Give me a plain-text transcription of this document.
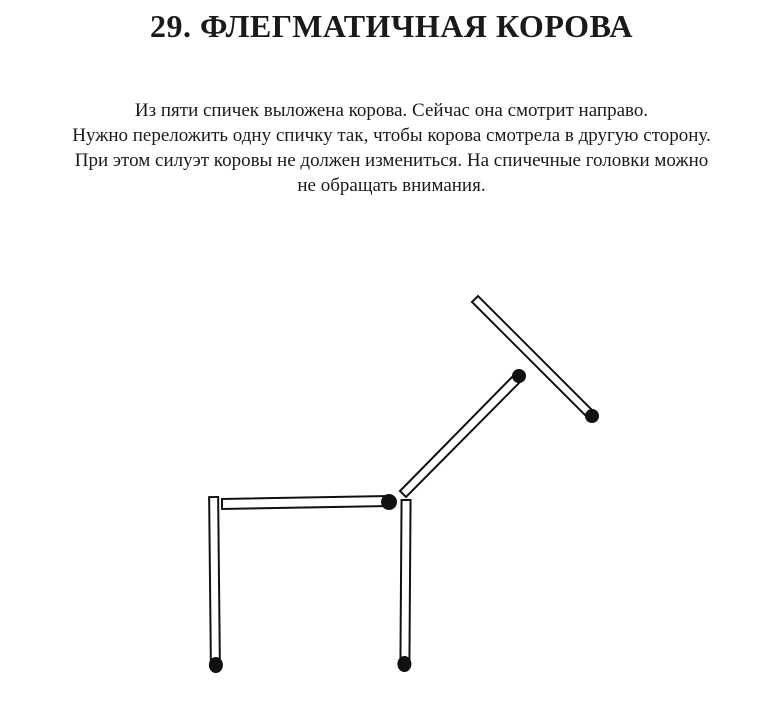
29. ФЛЕГМАТИЧНАЯ КОРОВА

Из пяти спичек выложена корова. Сейчас она смотрит направо.
Нужно переложить одну спичку так, чтобы корова смотрела в другую сторону.
При этом силуэт коровы не должен измениться. На спичечные головки можно
не обращать внимания.
